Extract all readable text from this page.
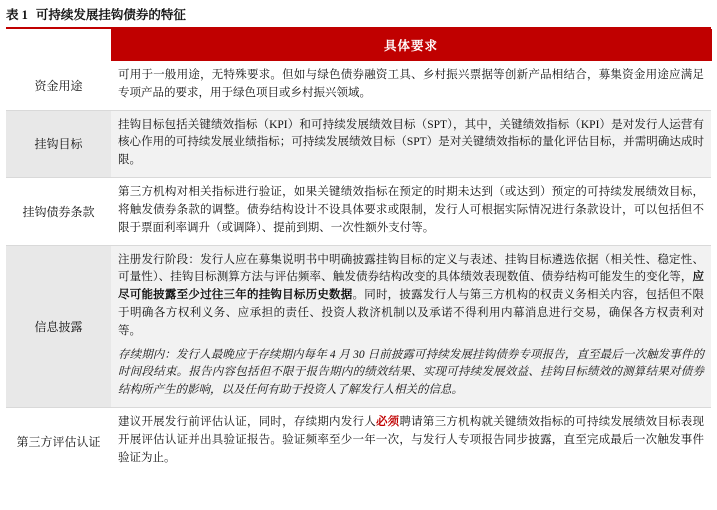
表 1 可持续发展挂钩债券的特征
	具体要求
资金用途	可用于一般用途，无特殊要求。但如与绿色债券融资工具、乡村振兴票据等创新产品相结合，募集资金用途应满足专项产品的要求，用于绿色项目或乡村振兴领域。

挂钩目标	挂钩目标包括关键绩效指标（KPI）和可持续发展绩效目标（SPT），其中，关键绩效指标（KPI）是对发行人运营有核心作用的可持续发展业绩指标；可持续发展绩效目标（SPT）是对关键绩效指标的量化评估目标，并需明确达成时限。

挂钩债券条款	第三方机构对相关指标进行验证，如果关键绩效指标在预定的时期未达到（或达到）预定的可持续发展绩效目标，将触发债券条款的调整。债券结构设计不设具体要求或限制，发行人可根据实际情况进行条款设计，可以包括但不限于票面利率调升（或调降）、提前到期、一次性额外支付等。

信息披露	注册发行阶段：发行人应在募集说明书中明确披露挂钩目标的定义与表述、挂钩目标遴选依据（相关性、稳定性、可量性）、挂钩目标测算方法与评估频率、触发债券结构改变的具体绩效表现数值、债券结构可能发生的变化等，应尽可能披露至少过往三年的挂钩目标历史数据。同时，披露发行人与第三方机构的权责义务相关内容，包括但不限于明确各方权利义务、应承担的责任、投资人救济机制以及承诺不得利用内幕消息进行交易，确保各方权责利对等。
存续期内：发行人最晚应于存续期内每年 4 月 30 日前披露可持续发展挂钩债券专项报告，直至最后一次触发事件的时间段结束。报告内容包括但不限于报告期内的绩效结果、实现可持续发展效益、挂钩目标绩效的测算结果对债券结构所产生的影响，以及任何有助于投资人了解发行人相关的信息。

第三方评估认证	建议开展发行前评估认证，同时，存续期内发行人必须聘请第三方机构就关键绩效指标的可持续发展绩效目标表现开展评估认证并出具验证报告。验证频率至少一年一次，与发行人专项报告同步披露，直至完成最后一次触发事件验证为止。
